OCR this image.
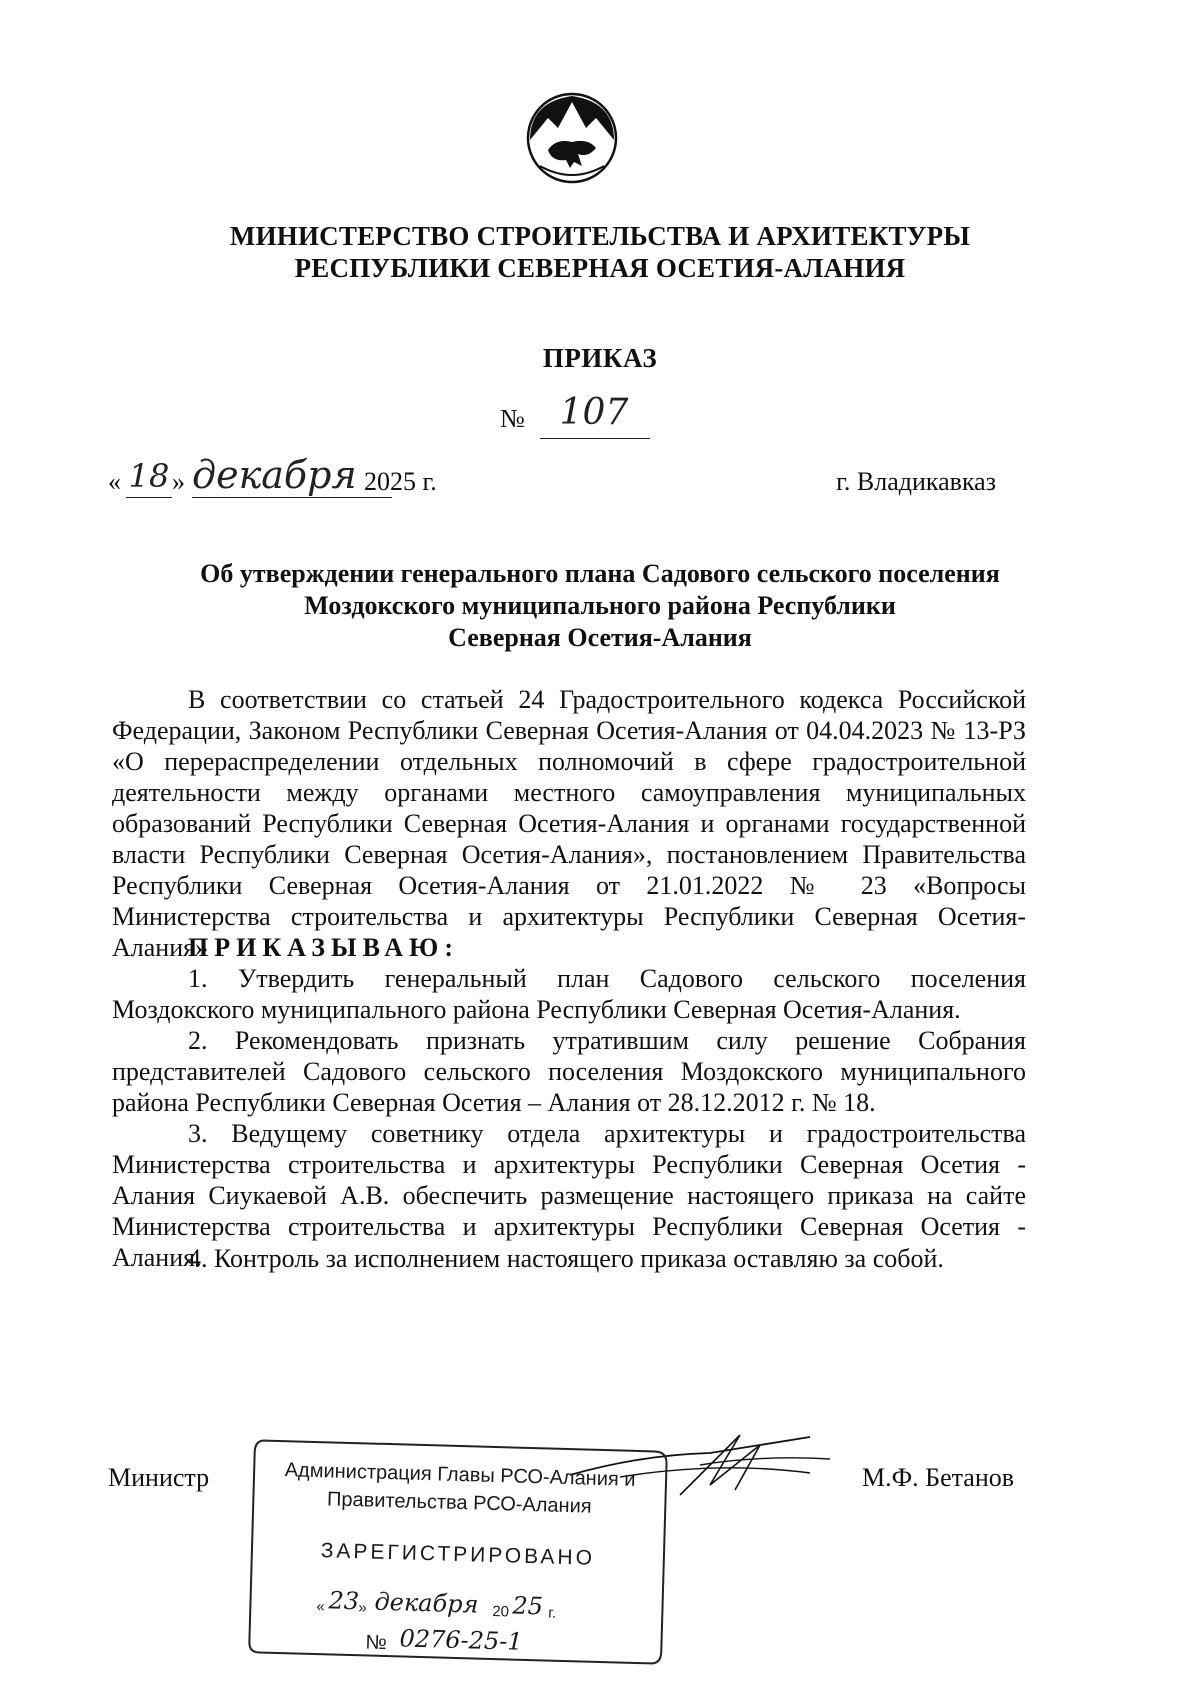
МИНИСТЕРСТВО СТРОИТЕЛЬСТВА И АРХИТЕКТУРЫ
РЕСПУБЛИКИ СЕВЕРНАЯ ОСЕТИЯ-АЛАНИЯ
ПРИКАЗ
№ 107
« 18 » декабря 2025 г.	г. Владикавказ
Об утверждении генерального плана Садового сельского поселения
Моздокского муниципального района Республики
Северная Осетия-Алания

В соответствии со статьей 24 Градостроительного кодекса Российской Федерации, Законом Республики Северная Осетия-Алания от 04.04.2023 № 13-РЗ «О перераспределении отдельных полномочий в сфере градостроительной деятельности между органами местного самоуправления муниципальных образований Республики Северная Осетия-Алания и органами государственной власти Республики Северная Осетия-Алания», постановлением Правительства Республики Северная Осетия-Алания от 21.01.2022 № 23 «Вопросы Министерства строительства и архитектуры Республики Северная Осетия-Алания»

ПРИКАЗЫВАЮ:

1. Утвердить генеральный план Садового сельского поселения Моздокского муниципального района Республики Северная Осетия-Алания.

2. Рекомендовать признать утратившим силу решение Собрания представителей Садового сельского поселения Моздокского муниципального района Республики Северная Осетия – Алания от 28.12.2012 г. № 18.

3. Ведущему советнику отдела архитектуры и градостроительства Министерства строительства и архитектуры Республики Северная Осетия - Алания Сиукаевой А.В. обеспечить размещение настоящего приказа на сайте Министерства строительства и архитектуры Республики Северная Осетия - Алания.

4. Контроль за исполнением настоящего приказа оставляю за собой.

Министр	М.Ф. Бетанов
Администрация Главы РСО-Алания и
Правительства РСО-Алания
ЗАРЕГИСТРИРОВАНО
« 23
» декабря 20 25 г.
№ 0276-25-1
